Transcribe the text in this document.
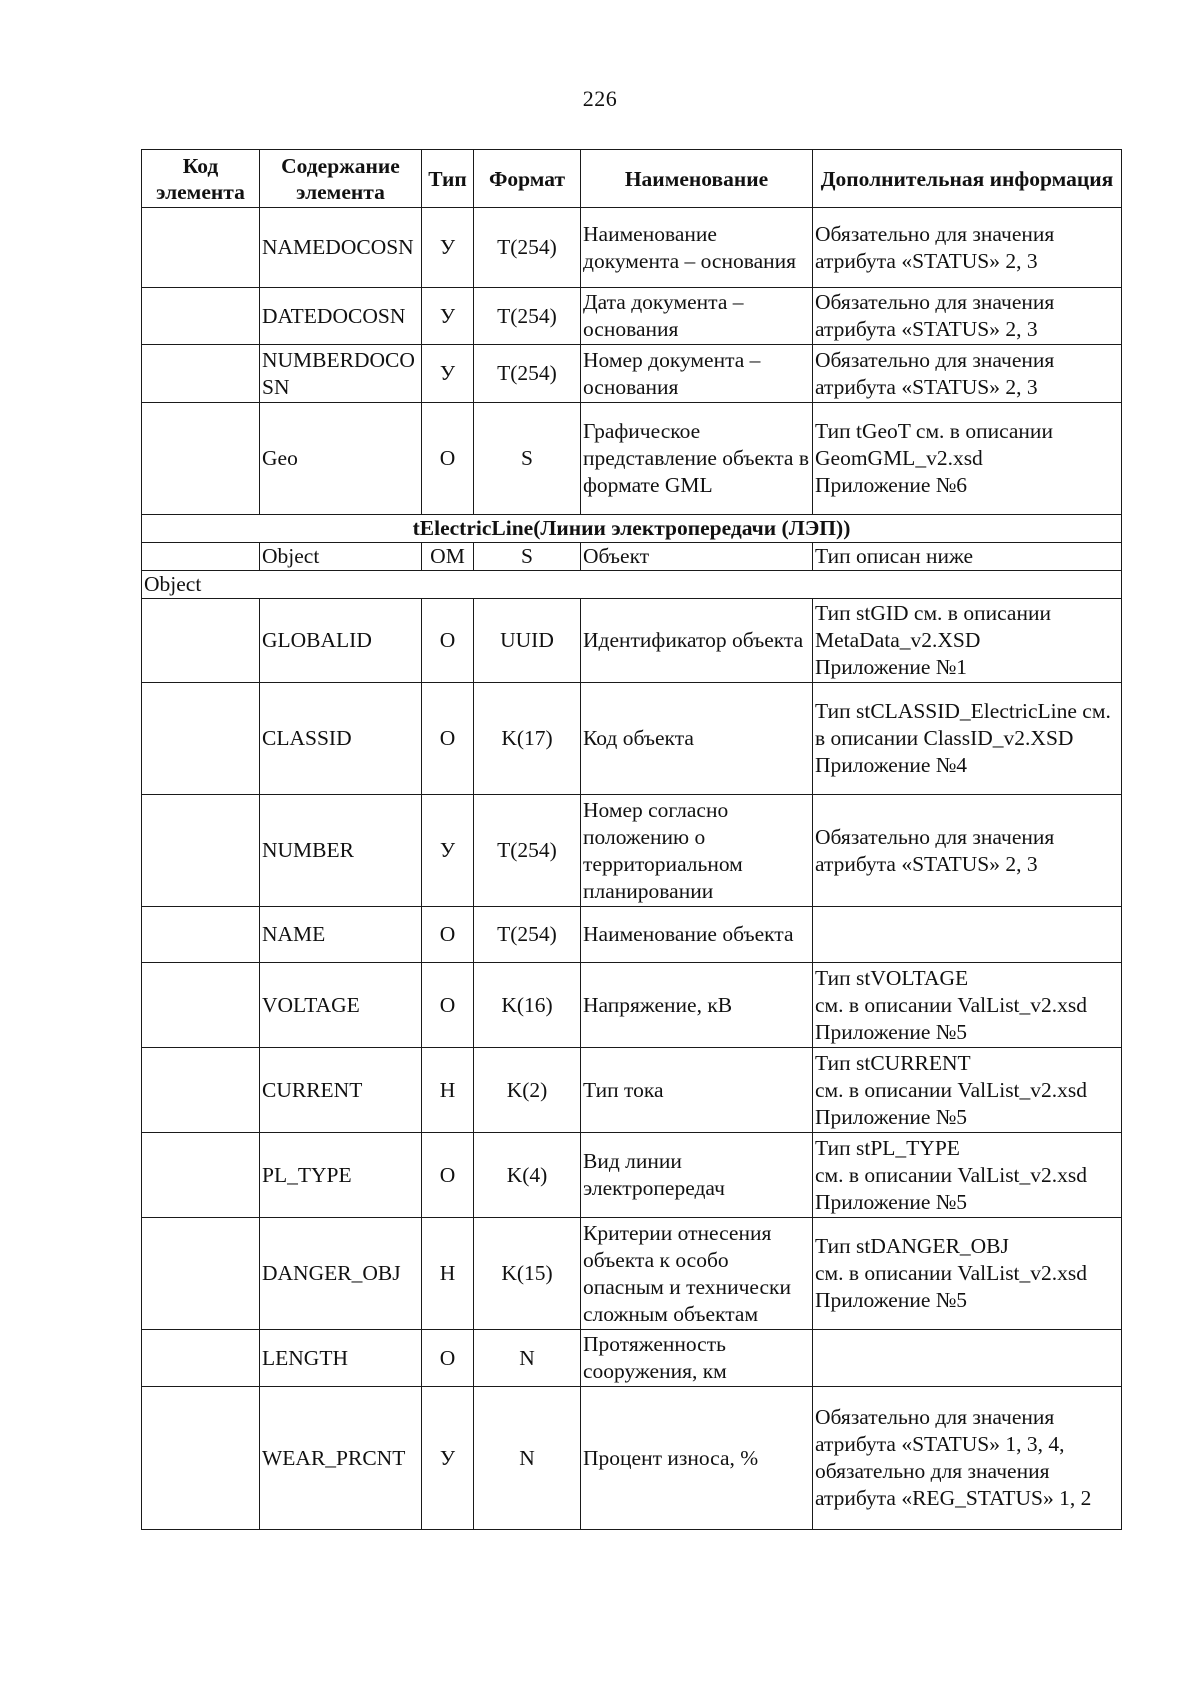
226
Код элемента	Содержание элемента	Тип	Формат	Наименование	Дополнительная информация
	NAMEDOCOSN	У	T(254)	Наименование документа – основания	Обязательно для значения атрибута «STATUS» 2, 3
	DATEDOCOSN	У	T(254)	Дата документа – основания	Обязательно для значения атрибута «STATUS» 2, 3
	NUMBERDOCOSN	У	T(254)	Номер документа – основания	Обязательно для значения атрибута «STATUS» 2, 3
	Geo	О	S	Графическое представление объекта в формате GML	Тип tGeoT см. в описании GeomGML_v2.xsd
Приложение №6
tElectricLine(Линии электропередачи (ЛЭП))					
	Object	ОМ	S	Объект	Тип описан ниже
Object					
	GLOBALID	О	UUID	Идентификатор объекта	Тип stGID см. в описании MetaData_v2.XSD
Приложение №1
	CLASSID	О	K(17)	Код объекта	Тип stCLASSID_ElectricLine см. в описании ClassID_v2.XSD
Приложение №4
	NUMBER	У	T(254)	Номер согласно положению о территориальном планировании	Обязательно для значения атрибута «STATUS» 2, 3
	NAME	О	T(254)	Наименование объекта	
	VOLTAGE	О	K(16)	Напряжение, кВ	Тип stVOLTAGE
см. в описании ValList_v2.xsd
Приложение №5
	CURRENT	Н	K(2)	Тип тока	Тип stCURRENT
см. в описании ValList_v2.xsd
Приложение №5
	PL_TYPE	О	K(4)	Вид линии электропередач	Тип stPL_TYPE
см. в описании ValList_v2.xsd
Приложение №5
	DANGER_OBJ	Н	K(15)	Критерии отнесения объекта к особо опасным и технически сложным объектам	Тип stDANGER_OBJ
см. в описании ValList_v2.xsd
Приложение №5
	LENGTH	О	N	Протяженность сооружения, км	
	WEAR_PRCNT	У	N	Процент износа, %	Обязательно для значения атрибута «STATUS» 1, 3, 4, обязательно для значения атрибута «REG_STATUS» 1, 2
